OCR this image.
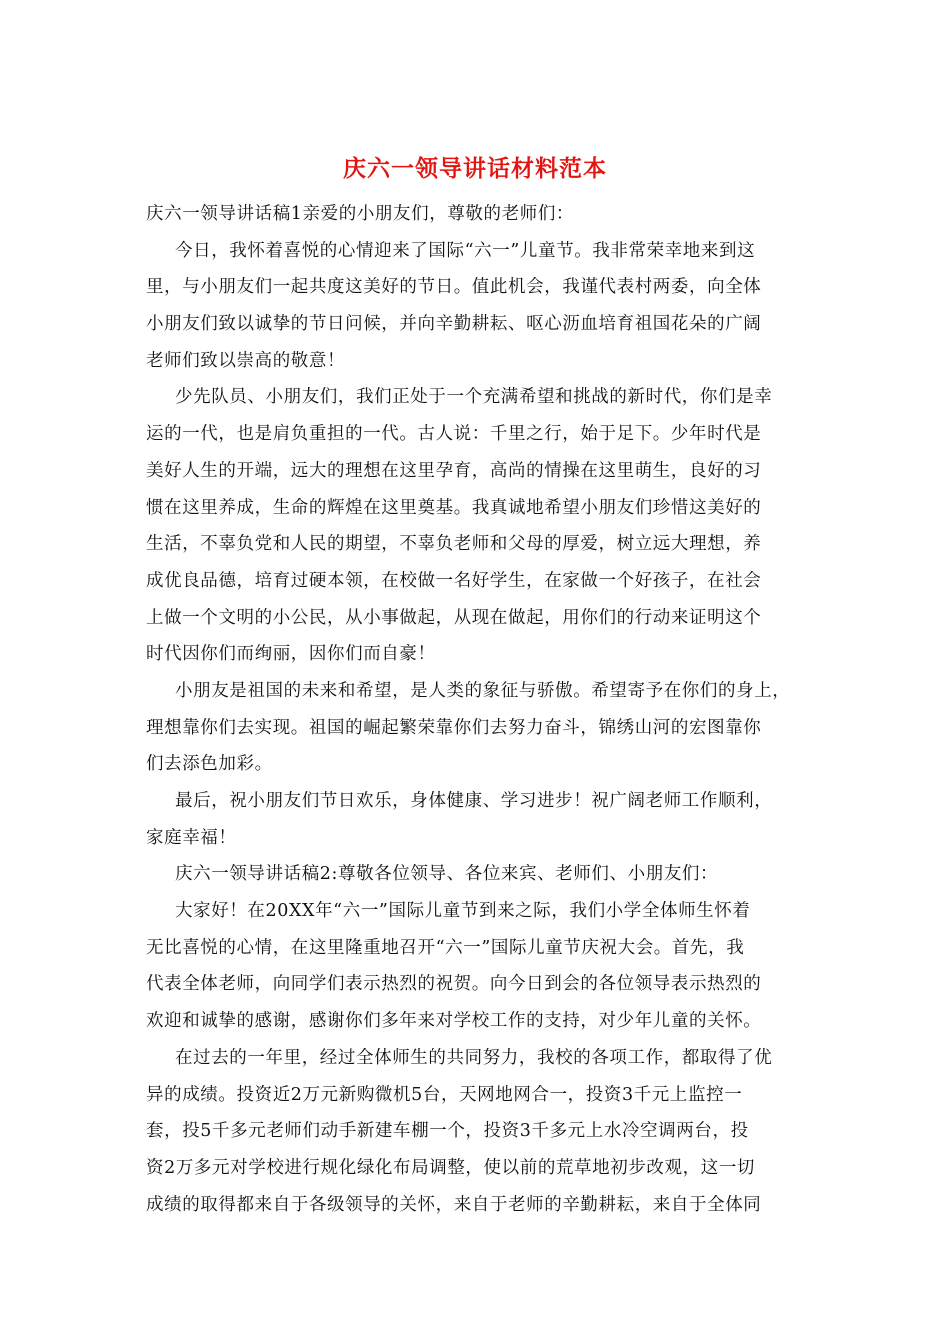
庆六一领导讲话材料范本
庆六一领导讲话稿1亲爱的小朋友们，尊敬的老师们：
今日，我怀着喜悦的心情迎来了国际“六一”儿童节。我非常荣幸地来到这
里，与小朋友们一起共度这美好的节日。值此机会，我谨代表村两委，向全体
小朋友们致以诚挚的节日问候，并向辛勤耕耘、呕心沥血培育祖国花朵的广阔
老师们致以崇高的敬意！
少先队员、小朋友们，我们正处于一个充满希望和挑战的新时代，你们是幸
运的一代，也是肩负重担的一代。古人说：千里之行，始于足下。少年时代是
美好人生的开端，远大的理想在这里孕育，高尚的情操在这里萌生，良好的习
惯在这里养成，生命的辉煌在这里奠基。我真诚地希望小朋友们珍惜这美好的
生活，不辜负党和人民的期望，不辜负老师和父母的厚爱，树立远大理想，养
成优良品德，培育过硬本领，在校做一名好学生，在家做一个好孩子，在社会
上做一个文明的小公民，从小事做起，从现在做起，用你们的行动来证明这个
时代因你们而绚丽，因你们而自豪！
小朋友是祖国的未来和希望，是人类的象征与骄傲。希望寄予在你们的身上，
理想靠你们去实现。祖国的崛起繁荣靠你们去努力奋斗，锦绣山河的宏图靠你
们去添色加彩。
最后，祝小朋友们节日欢乐，身体健康、学习进步！祝广阔老师工作顺利，
家庭幸福！
庆六一领导讲话稿2:尊敬各位领导、各位来宾、老师们、小朋友们：
大家好！在20XX年“六一”国际儿童节到来之际，我们小学全体师生怀着
无比喜悦的心情，在这里隆重地召开“六一”国际儿童节庆祝大会。首先，我
代表全体老师，向同学们表示热烈的祝贺。向今日到会的各位领导表示热烈的
欢迎和诚挚的感谢，感谢你们多年来对学校工作的支持，对少年儿童的关怀。
在过去的一年里，经过全体师生的共同努力，我校的各项工作，都取得了优
异的成绩。投资近2万元新购微机5台，天网地网合一，投资3千元上监控一
套，投5千多元老师们动手新建车棚一个，投资3千多元上水冷空调两台，投
资2万多元对学校进行规化绿化布局调整，使以前的荒草地初步改观，这一切
成绩的取得都来自于各级领导的关怀，来自于老师的辛勤耕耘，来自于全体同
